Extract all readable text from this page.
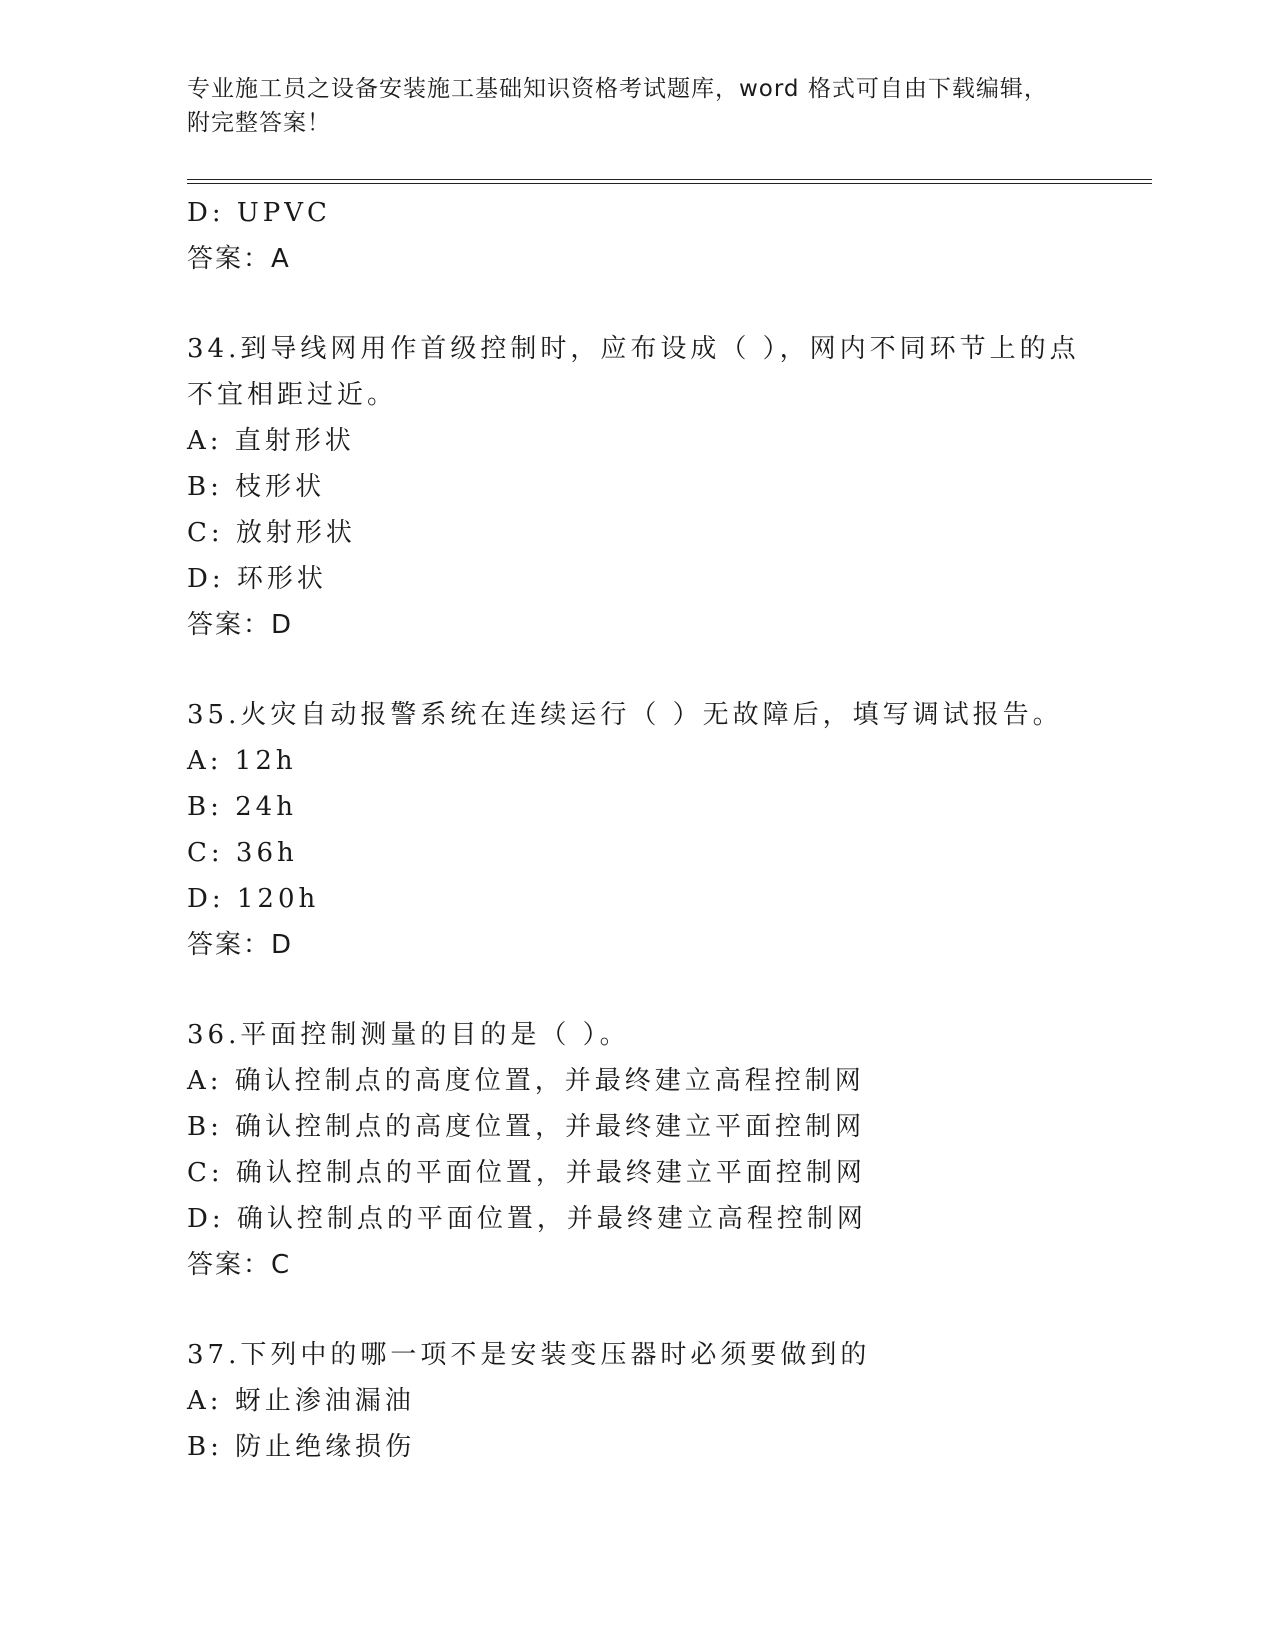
专业施工员之设备安装施工基础知识资格考试题库，word 格式可自由下载编辑，
附完整答案！
D: UPVC
答案：A
34.到导线网用作首级控制时，应布设成（ ），网内不同环节上的点
不宜相距过近。
A: 直射形状
B: 枝形状
C: 放射形状
D: 环形状
答案：D
35.火灾自动报警系统在连续运行（ ）无故障后，填写调试报告。
A: 12h
B: 24h
C: 36h
D: 120h
答案：D
36.平面控制测量的目的是（ ）。
A: 确认控制点的高度位置，并最终建立高程控制网
B: 确认控制点的高度位置，并最终建立平面控制网
C: 确认控制点的平面位置，并最终建立平面控制网
D: 确认控制点的平面位置，并最终建立高程控制网
答案：C
37.下列中的哪一项不是安装变压器时必须要做到的
A: 蚜止渗油漏油
B: 防止绝缘损伤
